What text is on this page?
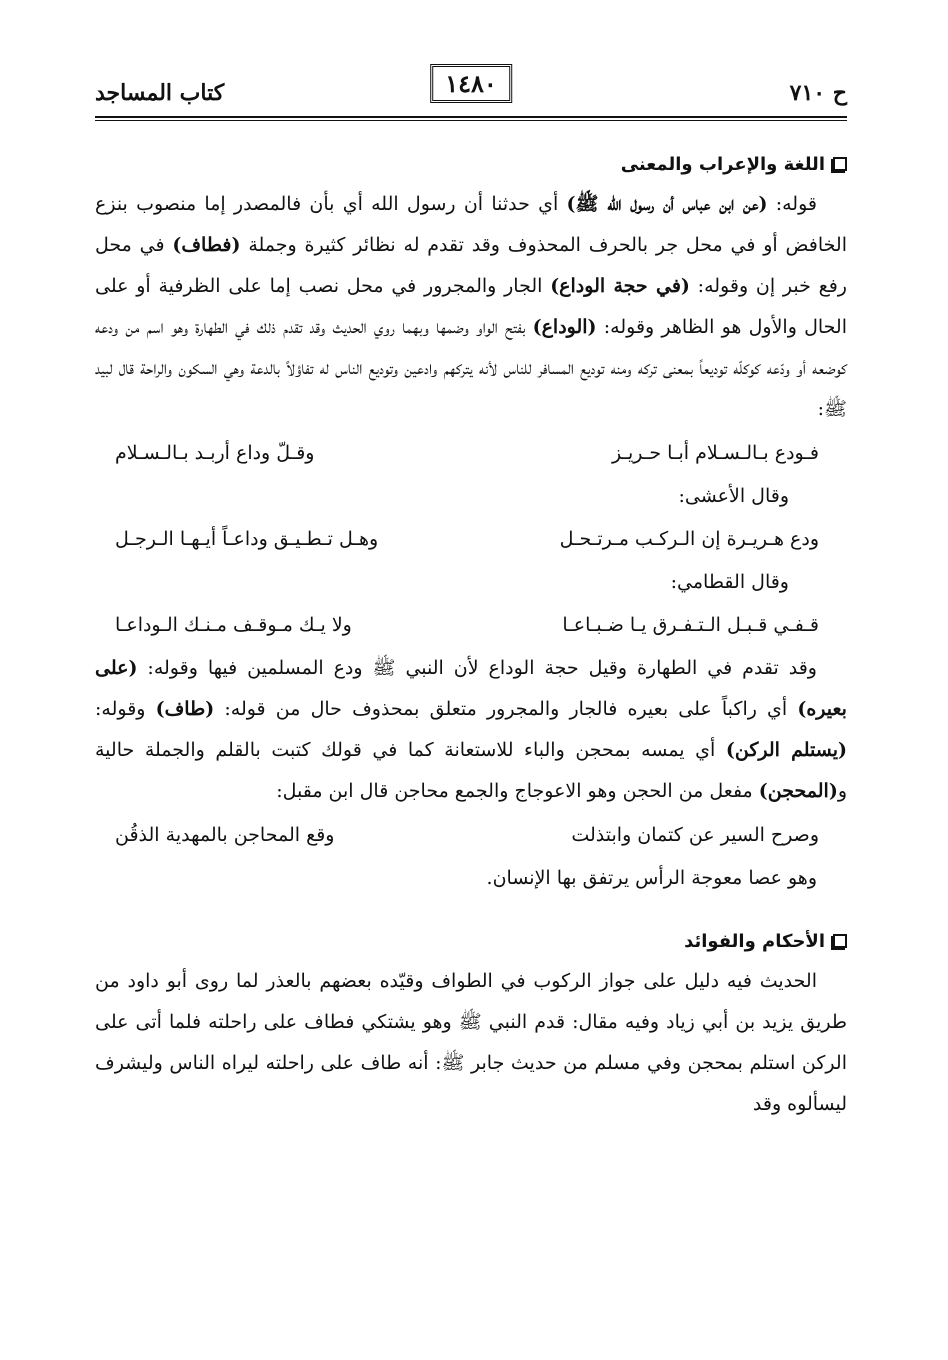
ح ٧١٠
١٤٨٠
كتاب المساجد
اللغة والإعراب والمعنى

قوله: (عن ابن عباس أن رسول الله ﷺ) أي حدثنا أن رسول الله أي بأن فالمصدر إما منصوب بنزع الخافض أو في محل جر بالحرف المحذوف وقد تقدم له نظائر كثيرة وجملة (فطاف) في محل رفع خبر إن وقوله: (في حجة الوداع) الجار والمجرور في محل نصب إما على الظرفية أو على الحال والأول هو الظاهر وقوله: (الوداع) بفتح الواو وضمها وبهما روي الحديث وقد تقدم ذلك في الطهارة وهو اسم من ودعه كوضعه أو ودّعه كوكلّه توديعاً بمعنى تركه ومنه توديع المسافر للناس لأنه يتركهم وادعين وتوديع الناس له تفاؤلاً بالدعة وهي السكون والراحة قال لبيد ﷺ:

فـودع بـالـسـلام أبـا حـريـز
وقـلّ وداع أربـد بـالـسـلام
وقال الأعشى:
ودع هـريـرة إن الـركـب مـرتـحـل
وهـل تـطـيـق وداعـاً أيـهـا الـرجـل
وقال القطامي:
قـفـي قـبـل الـتـفـرق يـا ضـبـاعـا
ولا يـك مـوقـف مـنـك الـوداعـا

وقد تقدم في الطهارة وقيل حجة الوداع لأن النبي ﷺ ودع المسلمين فيها وقوله: (على بعيره) أي راكباً على بعيره فالجار والمجرور متعلق بمحذوف حال من قوله: (طاف) وقوله: (يستلم الركن) أي يمسه بمحجن والباء للاستعانة كما في قولك كتبت بالقلم والجملة حالية و(المحجن) مفعل من الحجن وهو الاعوجاج والجمع محاجن قال ابن مقبل:

وصرح السير عن كتمان وابتذلت
وقع المحاجن بالمهدية الذقُن

وهو عصا معوجة الرأس يرتفق بها الإنسان.

الأحكام والفوائد

الحديث فيه دليل على جواز الركوب في الطواف وقيّده بعضهم بالعذر لما روى أبو داود من طريق يزيد بن أبي زياد وفيه مقال: قدم النبي ﷺ وهو يشتكي فطاف على راحلته فلما أتى على الركن استلم بمحجن وفي مسلم من حديث جابر ﷺ: أنه طاف على راحلته ليراه الناس وليشرف ليسألوه وقد
